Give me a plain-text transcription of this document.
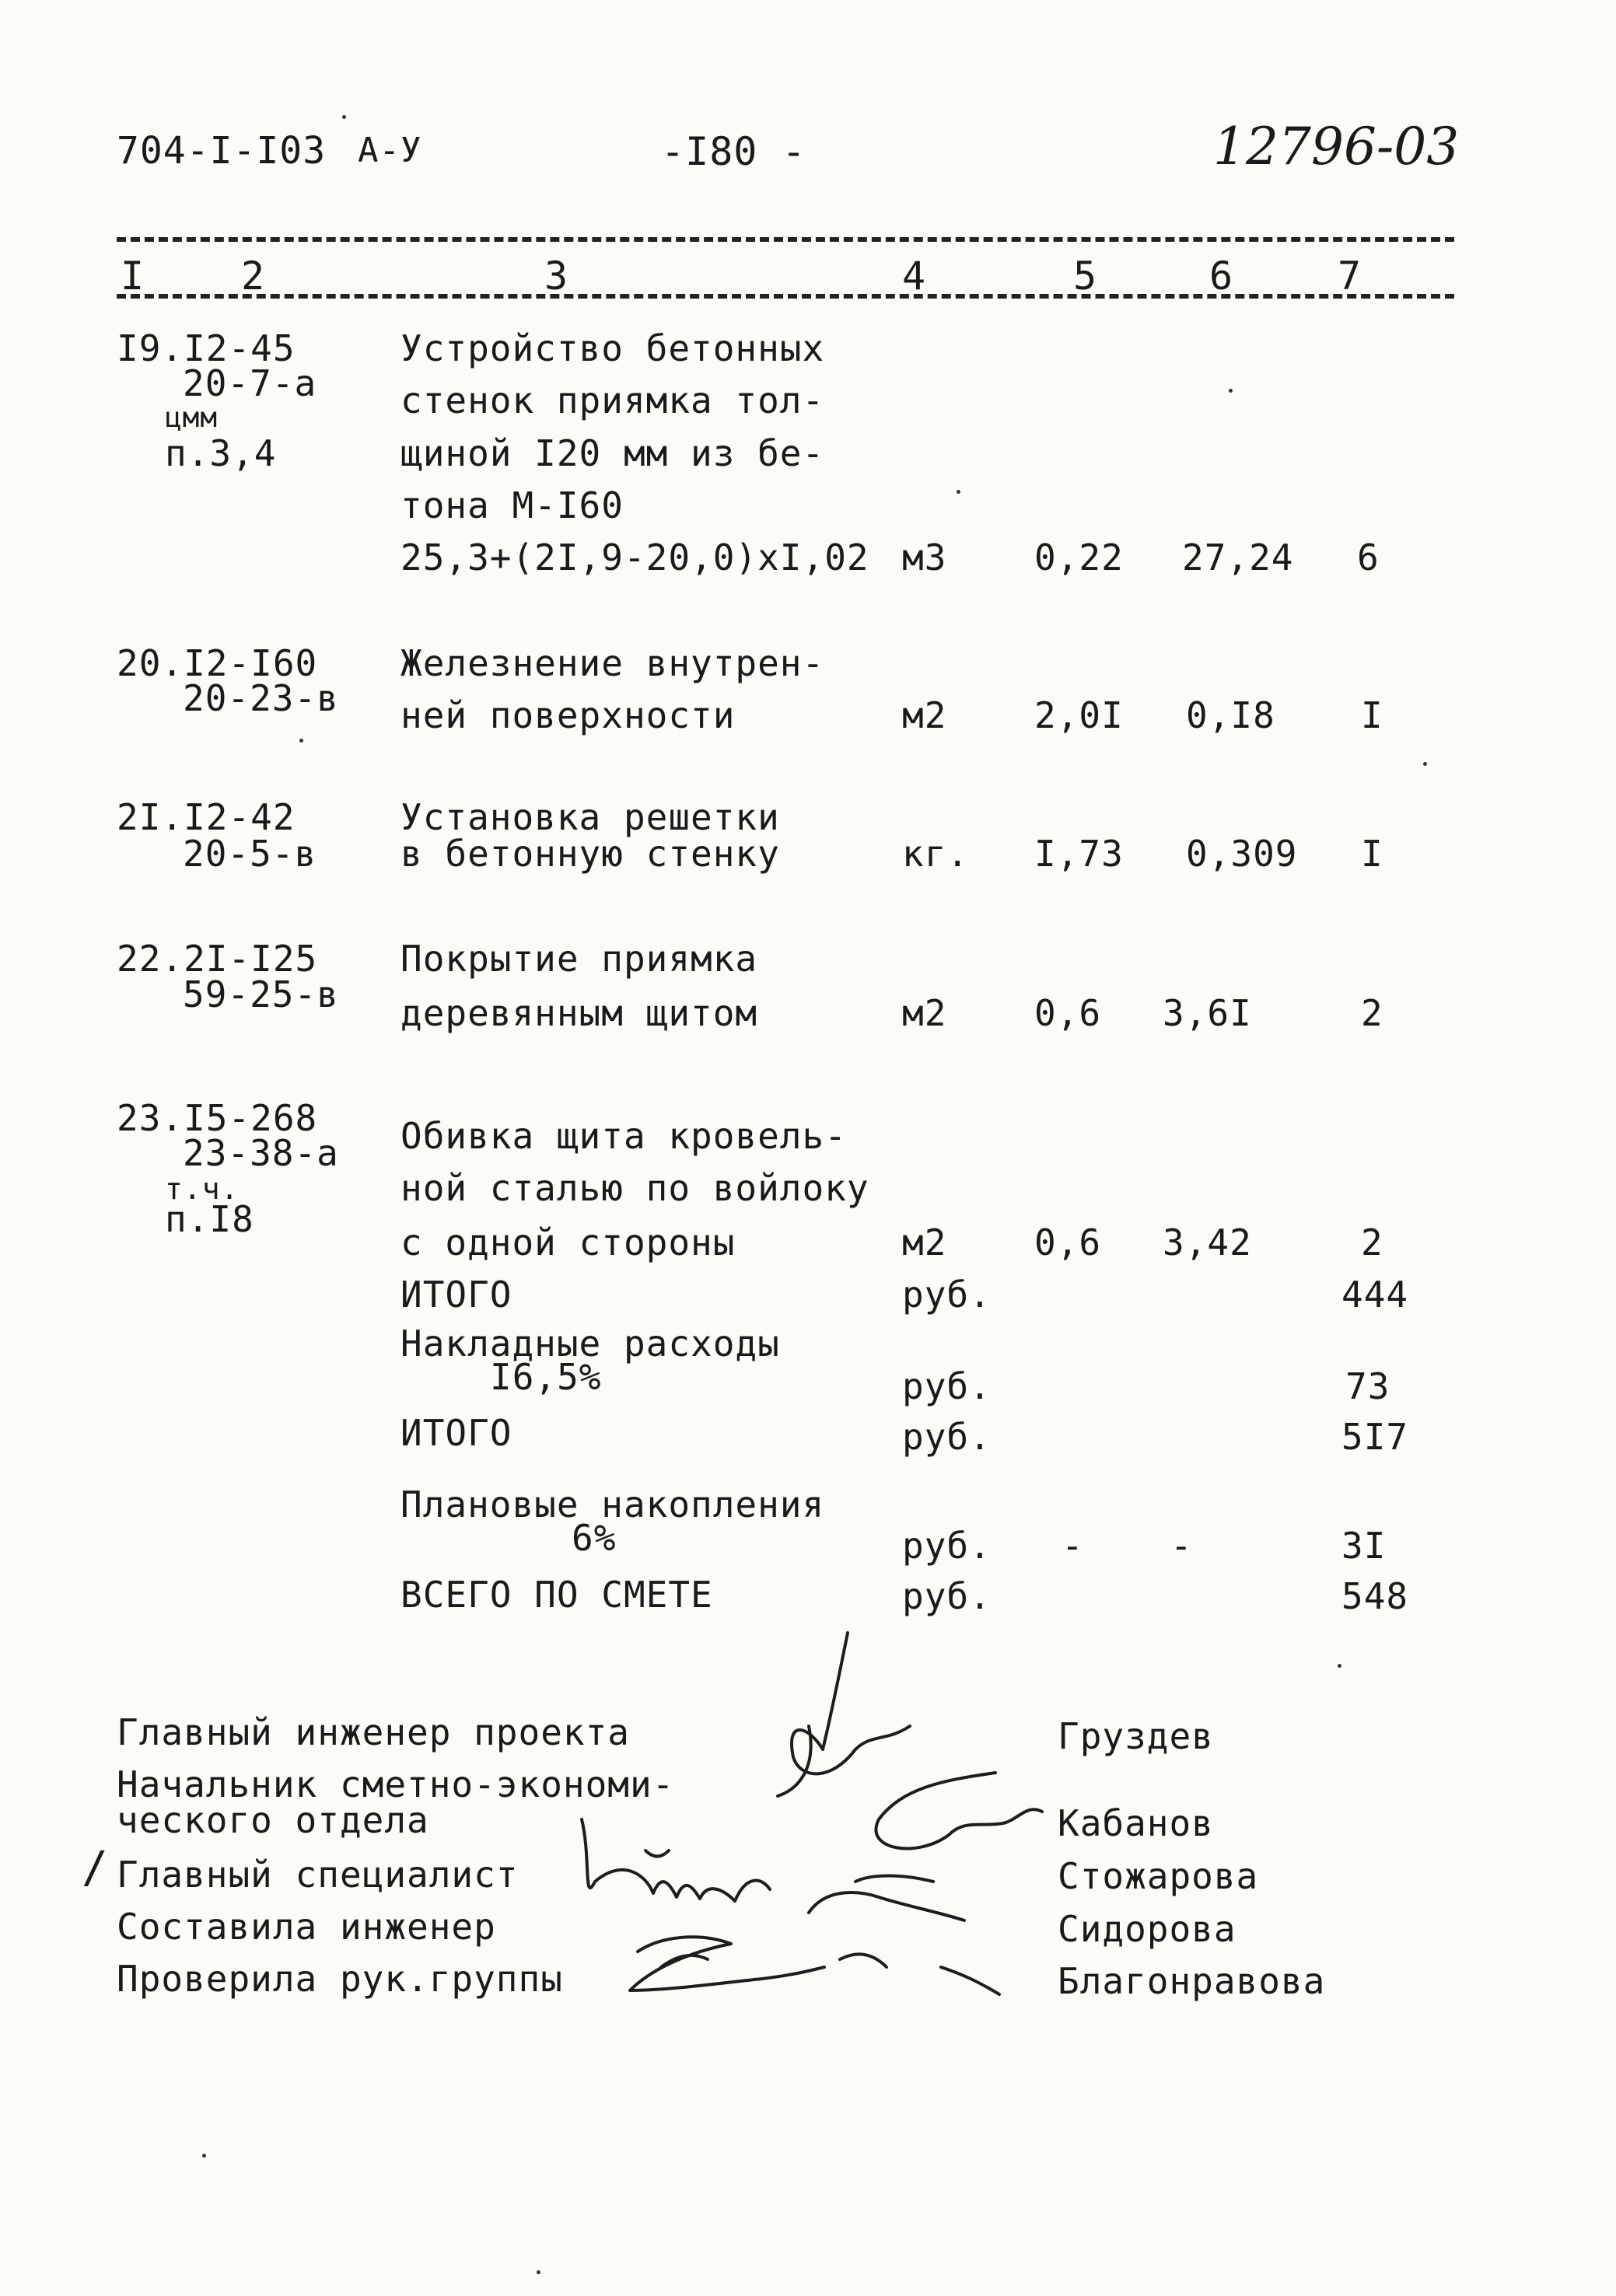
704-I-I03 А-У	-I80 -	12796-03
I 2	3	4	5	6	7
I9.I2-45
20-7-а
цмм
п.3,4
Устройство бетонных
стенок приямка тол-
щиной I20 мм из бе-
тона М-I60
25,3+(2I,9-20,0)хI,02 м3 0,22 27,24 6
20.I2-I60
20-23-в
Железнение внутрен-
ней поверхности	м2 2,0I 0,I8 I
2I.I2-42
20-5-в
Установка решетки
в бетонную стенку	кг. I,73 0,309 I
22.2I-I25
59-25-в
Покрытие приямка
деревянным щитом	м2 0,6 3,6I	2
23.I5-268
23-38-а
т.ч.
п.I8
Обивка щита кровель-
ной сталью по войлоку
с одной стороны	м2 0,6 3,42	2
ИТОГО	руб.	444
Накладные расходы
I6,5%	руб.	73
ИТОГО	руб.	5I7
Плановые накопления
6%	руб. - -	3I
ВСЕГО ПО СМЕТЕ	руб.	548
Главный инженер проекта	Груздев
Начальник сметно-экономи-
ческого отдела	Кабанов
/ Главный специалист	Стожарова
Составила инженер	Сидорова
Проверила рук.группы	Благонравова
